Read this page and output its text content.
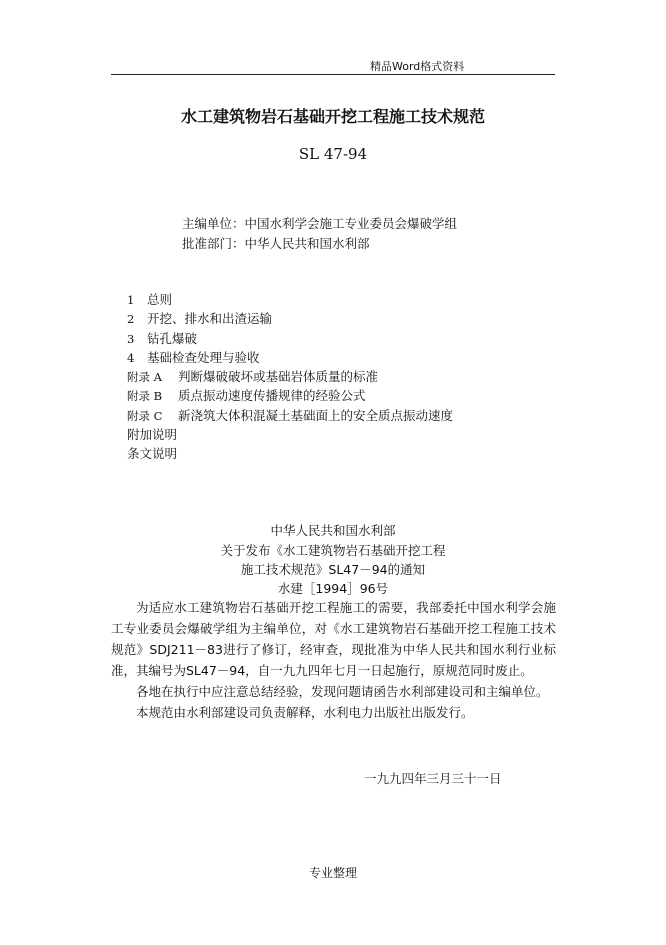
精品Word格式资料
水工建筑物岩石基础开挖工程施工技术规范
SL 47-94
主编单位：中国水利学会施工专业委员会爆破学组
批准部门：中华人民共和国水利部
1 总则
2 开挖、排水和出渣运输
3 钻孔爆破
4 基础检查处理与验收
附录 A 判断爆破破坏或基础岩体质量的标准
附录 B 质点振动速度传播规律的经验公式
附录 C 新浇筑大体积混凝土基础面上的安全质点振动速度
附加说明
条文说明
中华人民共和国水利部
关于发布《水工建筑物岩石基础开挖工程
施工技术规范》SL47－94的通知
水建［1994］96号

为适应水工建筑物岩石基础开挖工程施工的需要，我部委托中国水利学会施工专业委员会爆破学组为主编单位，对《水工建筑物岩石基础开挖工程施工技术规范》SDJ211－83进行了修订，经审查，现批准为中华人民共和国水利行业标准，其编号为SL47－94，自一九九四年七月一日起施行，原规范同时废止。

各地在执行中应注意总结经验，发现问题请函告水利部建设司和主编单位。

本规范由水利部建设司负责解释，水利电力出版社出版发行。

一九九四年三月三十一日
专业整理
